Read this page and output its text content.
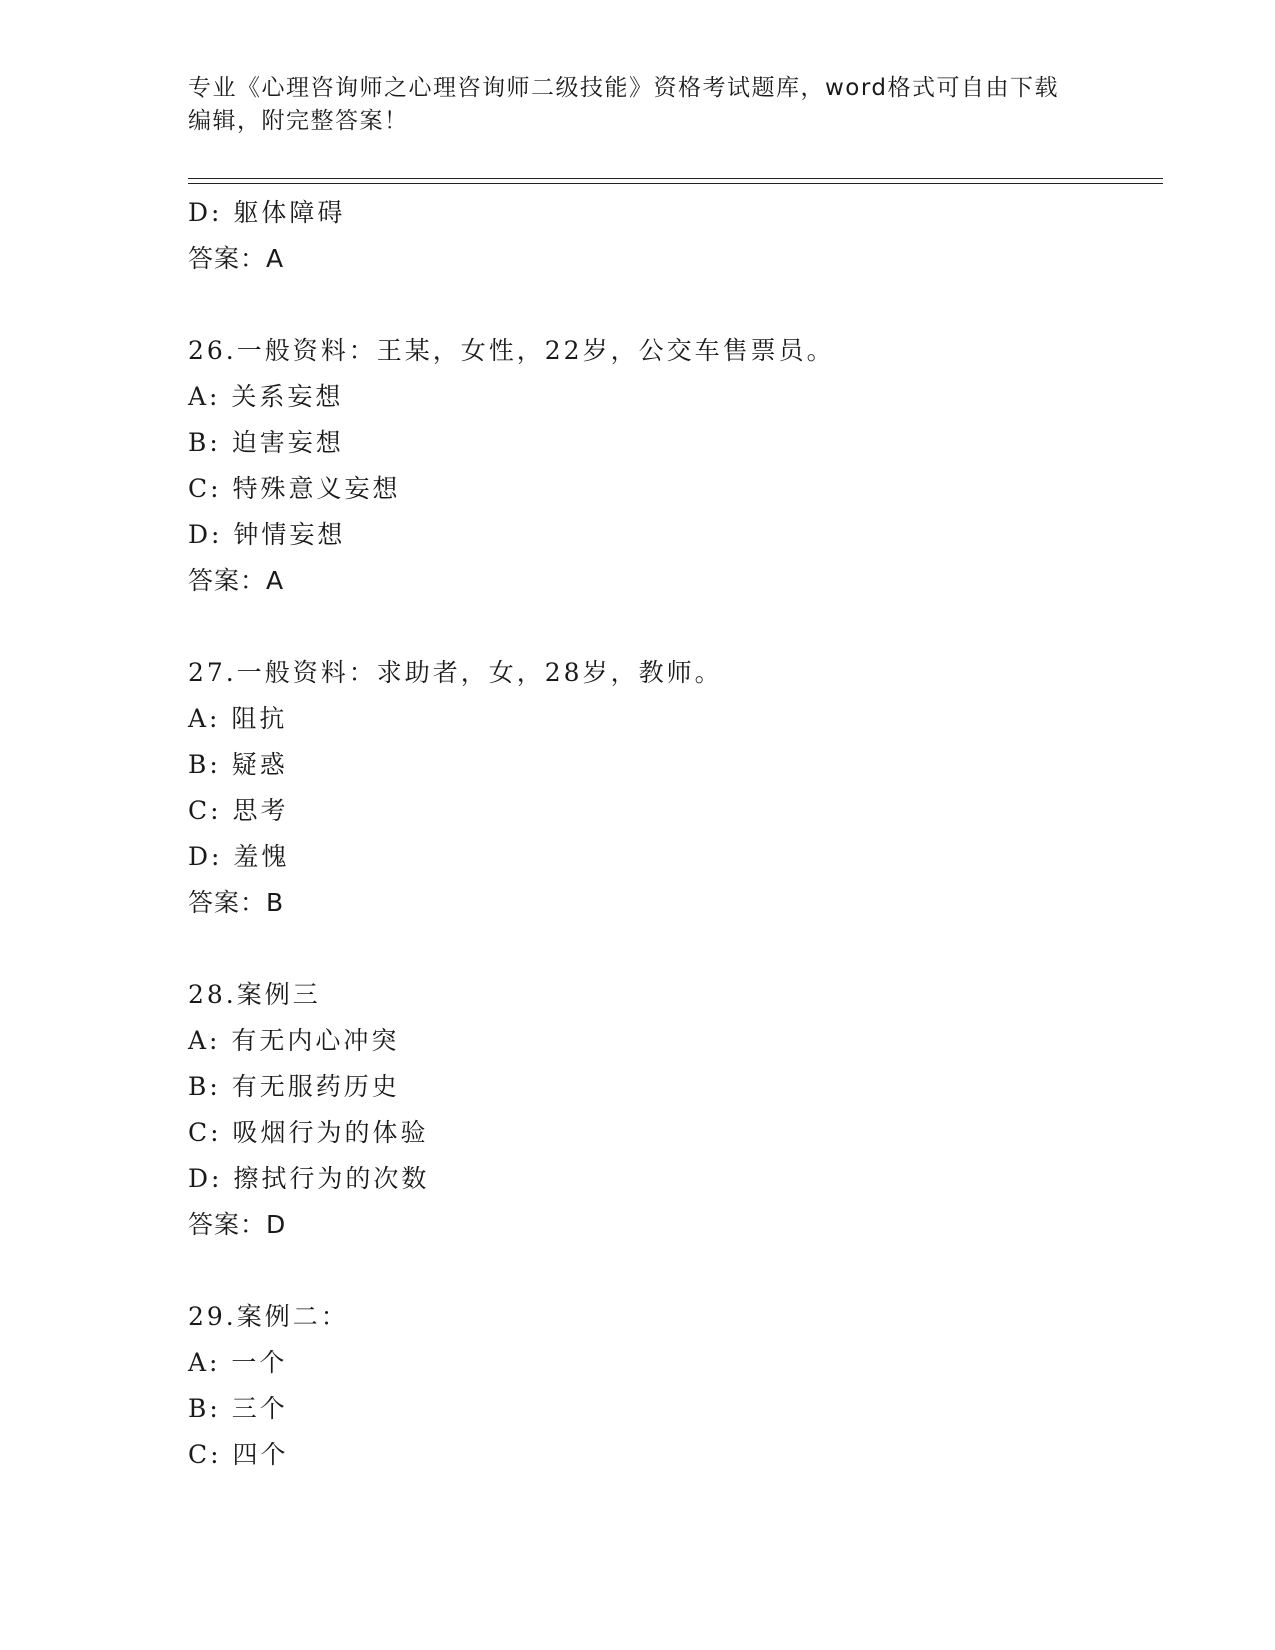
专业《心理咨询师之心理咨询师二级技能》资格考试题库，word格式可自由下载
编辑，附完整答案！
D: 躯体障碍
答案：A
26.一般资料：王某，女性，22岁，公交车售票员。
A: 关系妄想
B: 迫害妄想
C: 特殊意义妄想
D: 钟情妄想
答案：A
27.一般资料：求助者，女，28岁，教师。
A: 阻抗
B: 疑惑
C: 思考
D: 羞愧
答案：B
28.案例三
A: 有无内心冲突
B: 有无服药历史
C: 吸烟行为的体验
D: 擦拭行为的次数
答案：D
29.案例二：
A: 一个
B: 三个
C: 四个
